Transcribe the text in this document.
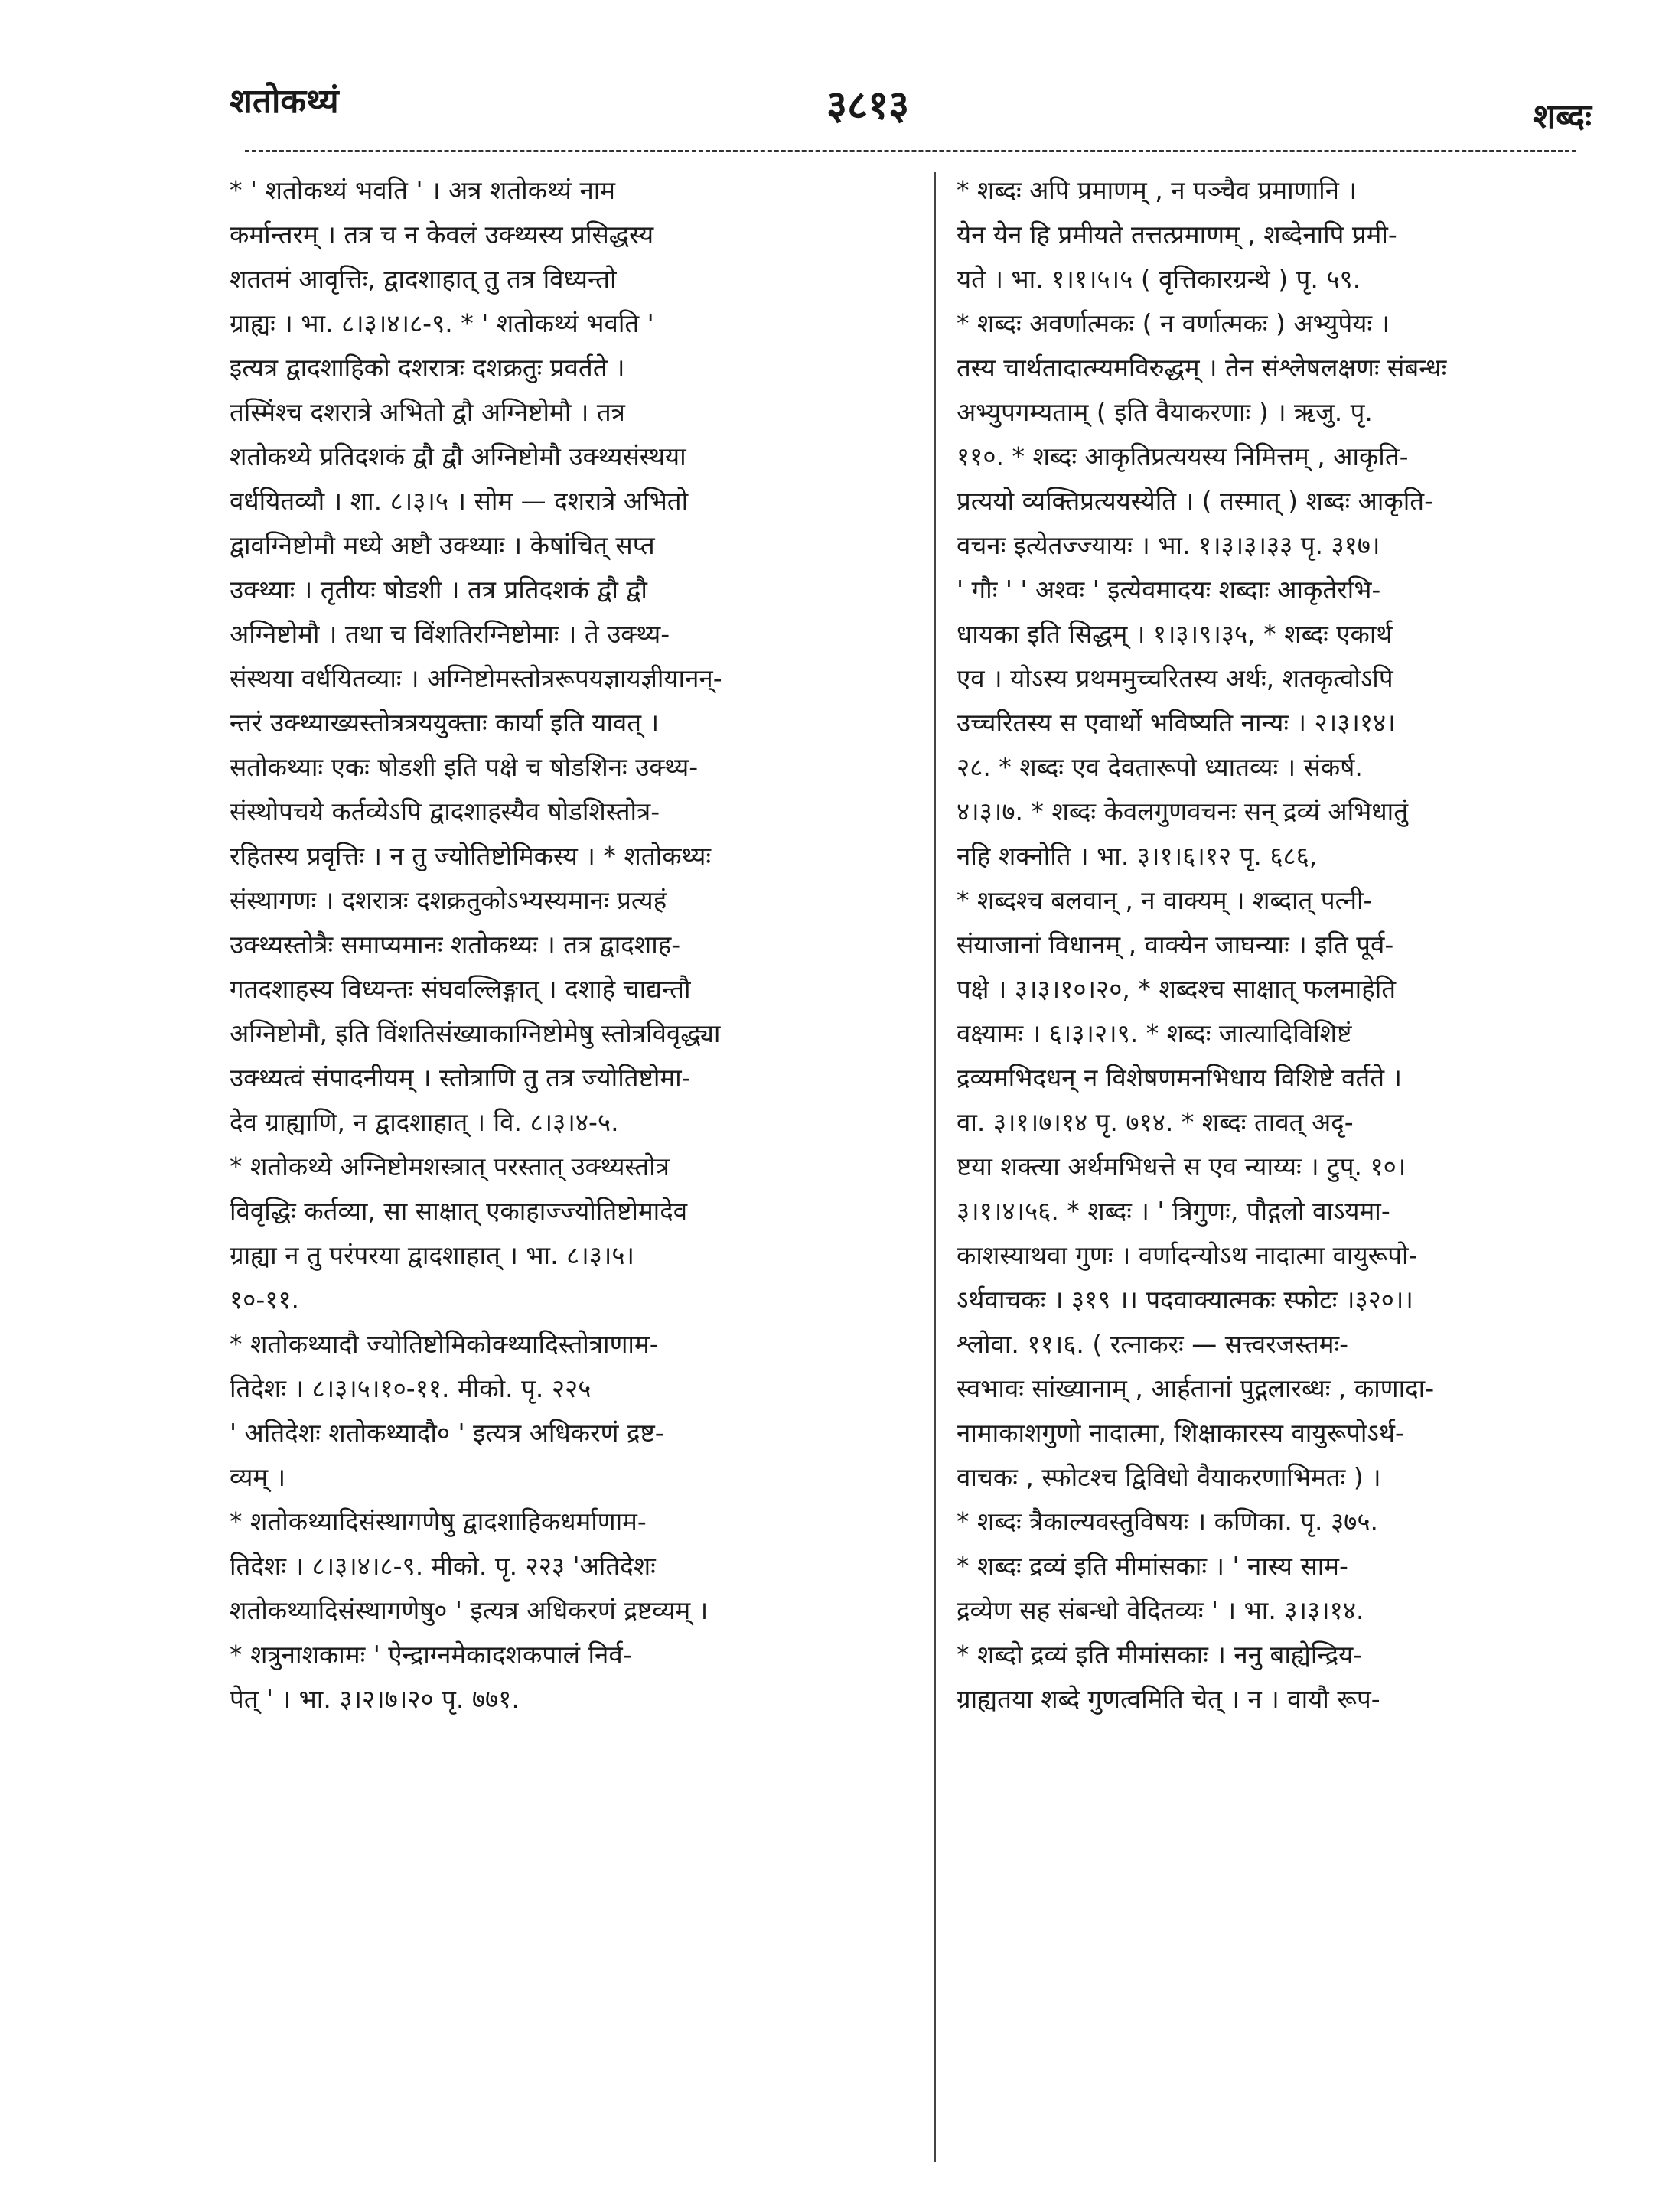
शतोकथ्यं	३८१३	शब्दः
* ' शतोकथ्यं भवति ' । अत्र शतोकथ्यं नाम
कर्मान्तरम् । तत्र च न केवलं उक्थ्यस्य प्रसिद्धस्य
शततमं आवृत्तिः, द्वादशाहात् तु तत्र विध्यन्तो
ग्राह्यः । भा. ८।३।४।८-९. * ' शतोकथ्यं भवति '
इत्यत्र द्वादशाहिको दशरात्रः दशक्रतुः प्रवर्तते ।
तस्मिंश्च दशरात्रे अभितो द्वौ अग्निष्टोमौ । तत्र
शतोकथ्ये प्रतिदशकं द्वौ द्वौ अग्निष्टोमौ उक्थ्यसंस्थया
वर्धयितव्यौ । शा. ८।३।५ । सोम — दशरात्रे अभितो
द्वावग्निष्टोमौ मध्ये अष्टौ उक्थ्याः । केषांचित् सप्त
उक्थ्याः । तृतीयः षोडशी । तत्र प्रतिदशकं द्वौ द्वौ
अग्निष्टोमौ । तथा च विंशतिरग्निष्टोमाः । ते उक्थ्य-
संस्थया वर्धयितव्याः । अग्निष्टोमस्तोत्ररूपयज्ञायज्ञीयानन्-
न्तरं उक्थ्याख्यस्तोत्रत्रययुक्ताः कार्या इति यावत् ।
सतोकथ्याः एकः षोडशी इति पक्षे च षोडशिनः उक्थ्य-
संस्थोपचये कर्तव्येऽपि द्वादशाहस्यैव षोडशिस्तोत्र-
रहितस्य प्रवृत्तिः । न तु ज्योतिष्टोमिकस्य । * शतोकथ्यः
संस्थागणः । दशरात्रः दशक्रतुकोऽभ्यस्यमानः प्रत्यहं
उक्थ्यस्तोत्रैः समाप्यमानः शतोकथ्यः । तत्र द्वादशाह-
गतदशाहस्य विध्यन्तः संघवल्लिङ्गात् । दशाहे चाद्यन्तौ
अग्निष्टोमौ, इति विंशतिसंख्याकाग्निष्टोमेषु स्तोत्रविवृद्ध्या
उक्थ्यत्वं संपादनीयम् । स्तोत्राणि तु तत्र ज्योतिष्टोमा-
देव ग्राह्याणि, न द्वादशाहात् । वि. ८।३।४-५.
* शतोकथ्ये अग्निष्टोमशस्त्रात् परस्तात् उक्थ्यस्तोत्र
विवृद्धिः कर्तव्या, सा साक्षात् एकाहाज्ज्योतिष्टोमादेव
ग्राह्या न तु परंपरया द्वादशाहात् । भा. ८।३।५।
१०-११.
* शतोकथ्यादौ ज्योतिष्टोमिकोक्थ्यादिस्तोत्राणाम-
तिदेशः । ८।३।५।१०-११. मीको. पृ. २२५
' अतिदेशः शतोकथ्यादौ० ' इत्यत्र अधिकरणं द्रष्ट-
व्यम् ।
* शतोकथ्यादिसंस्थागणेषु द्वादशाहिकधर्माणाम-
तिदेशः । ८।३।४।८-९. मीको. पृ. २२३ 'अतिदेशः
शतोकथ्यादिसंस्थागणेषु० ' इत्यत्र अधिकरणं द्रष्टव्यम् ।
* शत्रुनाशकामः ' ऐन्द्राग्नमेकादशकपालं निर्व-
पेत् ' । भा. ३।२।७।२० पृ. ७७१.
* शब्दः अपि प्रमाणम् , न पञ्चैव प्रमाणानि ।
येन येन हि प्रमीयते तत्तत्प्रमाणम् , शब्देनापि प्रमी-
यते । भा. १।१।५।५ ( वृत्तिकारग्रन्थे ) पृ. ५९.
* शब्दः अवर्णात्मकः ( न वर्णात्मकः ) अभ्युपेयः ।
तस्य चार्थतादात्म्यमविरुद्धम् । तेन संश्लेषलक्षणः संबन्धः
अभ्युपगम्यताम् ( इति वैयाकरणाः ) । ऋजु. पृ.
११०. * शब्दः आकृतिप्रत्ययस्य निमित्तम् , आकृति-
प्रत्ययो व्यक्तिप्रत्ययस्येति । ( तस्मात् ) शब्दः आकृति-
वचनः इत्येतज्ज्यायः । भा. १।३।३।३३ पृ. ३१७।
' गौः ' ' अश्वः ' इत्येवमादयः शब्दाः आकृतेरभि-
धायका इति सिद्धम् । १।३।९।३५, * शब्दः एकार्थ
एव । योऽस्य प्रथममुच्चरितस्य अर्थः, शतकृत्वोऽपि
उच्चरितस्य स एवार्थो भविष्यति नान्यः । २।३।१४।
२८. * शब्दः एव देवतारूपो ध्यातव्यः । संकर्ष.
४।३।७. * शब्दः केवलगुणवचनः सन् द्रव्यं अभिधातुं
नहि शक्नोति । भा. ३।१।६।१२ पृ. ६८६,
* शब्दश्च बलवान् , न वाक्यम् । शब्दात् पत्नी-
संयाजानां विधानम् , वाक्येन जाघन्याः । इति पूर्व-
पक्षे । ३।३।१०।२०, * शब्दश्च साक्षात् फलमाहेति
वक्ष्यामः । ६।३।२।९. * शब्दः जात्यादिविशिष्टं
द्रव्यमभिदधन् न विशेषणमनभिधाय विशिष्टे वर्तते ।
वा. ३।१।७।१४ पृ. ७१४. * शब्दः तावत् अदृ-
ष्टया शक्त्या अर्थमभिधत्ते स एव न्याय्यः । टुप्. १०।
३।१।४।५६. * शब्दः । ' त्रिगुणः, पौद्गलो वाऽयमा-
काशस्याथवा गुणः । वर्णादन्योऽथ नादात्मा वायुरूपो-
ऽर्थवाचकः । ३१९ ।। पदवाक्यात्मकः स्फोटः ।३२०।।
श्लोवा. ११।६. ( रत्नाकरः — सत्त्वरजस्तमः-
स्वभावः सांख्यानाम् , आर्हतानां पुद्गलारब्धः , काणादा-
नामाकाशगुणो नादात्मा, शिक्षाकारस्य वायुरूपोऽर्थ-
वाचकः , स्फोटश्च द्विविधो वैयाकरणाभिमतः ) ।
* शब्दः त्रैकाल्यवस्तुविषयः । कणिका. पृ. ३७५.
* शब्दः द्रव्यं इति मीमांसकाः । ' नास्य साम-
द्रव्येण सह संबन्धो वेदितव्यः ' । भा. ३।३।१४.
* शब्दो द्रव्यं इति मीमांसकाः । ननु बाह्येन्द्रिय-
ग्राह्यतया शब्दे गुणत्वमिति चेत् । न । वायौ रूप-
